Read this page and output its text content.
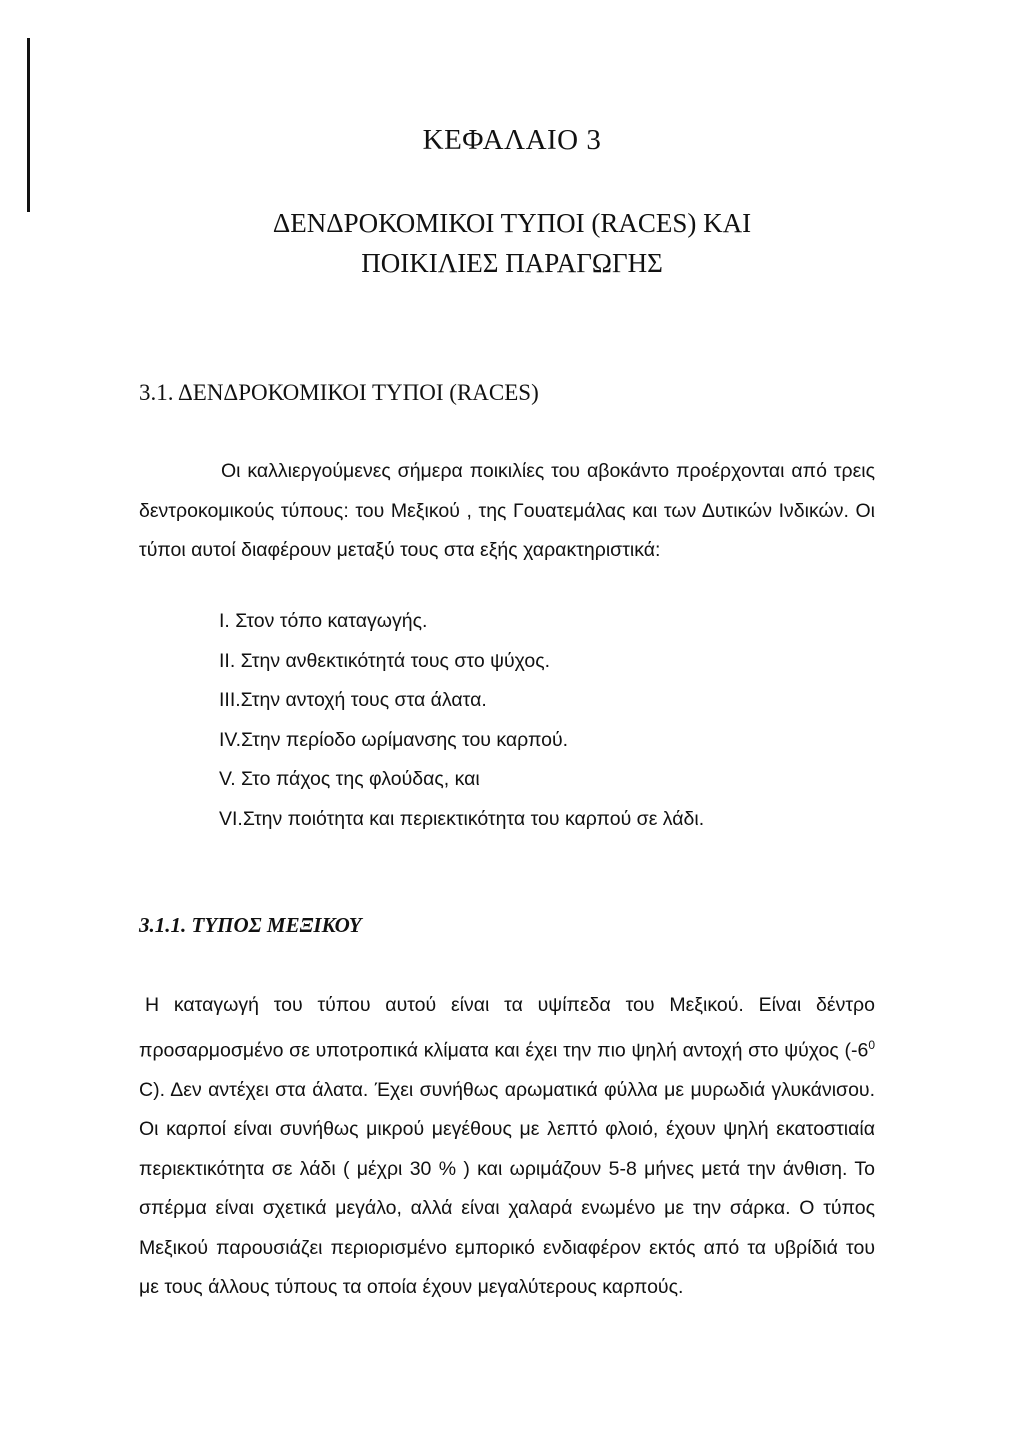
ΚΕΦΑΛΑΙΟ 3
ΔΕΝΔΡΟΚΟΜΙΚΟΙ ΤΥΠΟΙ (RACES) ΚΑΙ
ΠΟΙΚΙΛΙΕΣ ΠΑΡΑΓΩΓΗΣ
3.1. ΔΕΝΔΡΟΚΟΜΙΚΟΙ ΤΥΠΟΙ (RACES)

Οι καλλιεργούμενες σήμερα ποικιλίες του αβοκάντο προέρχονται από τρεις δεντροκομικούς τύπους: του Μεξικού , της Γουατεμάλας και των Δυτικών Ινδικών. Οι τύποι αυτοί διαφέρουν μεταξύ τους στα εξής χαρακτηριστικά:

I. Στον τόπο καταγωγής.
II. Στην ανθεκτικότητά τους στο ψύχος.
III.Στην αντοχή τους στα άλατα.
IV.Στην περίοδο ωρίμανσης του καρπού.
V. Στο πάχος της φλούδας, και
VI.Στην ποιότητα και περιεκτικότητα του καρπού σε λάδι.
3.1.1. ΤΥΠΟΣ ΜΕΞΙΚΟΥ

Η καταγωγή του τύπου αυτού είναι τα υψίπεδα του Μεξικού. Είναι δέντρο προσαρμοσμένο σε υποτροπικά κλίματα και έχει την πιο ψηλή αντοχή στο ψύχος ($-6^0$ C). Δεν αντέχει στα άλατα. Έχει συνήθως αρωματικά φύλλα με μυρωδιά γλυκάνισου. Οι καρποί είναι συνήθως μικρού μεγέθους με λεπτό φλοιό, έχουν ψηλή εκατοστιαία περιεκτικότητα σε λάδι ( μέχρι 30 % ) και ωριμάζουν 5-8 μήνες μετά την άνθιση. Το σπέρμα είναι σχετικά μεγάλο, αλλά είναι χαλαρά ενωμένο με την σάρκα. Ο τύπος Μεξικού παρουσιάζει περιορισμένο εμπορικό ενδιαφέρον εκτός από τα υβρίδιά του με τους άλλους τύπους τα οποία έχουν μεγαλύτερους καρπούς.
